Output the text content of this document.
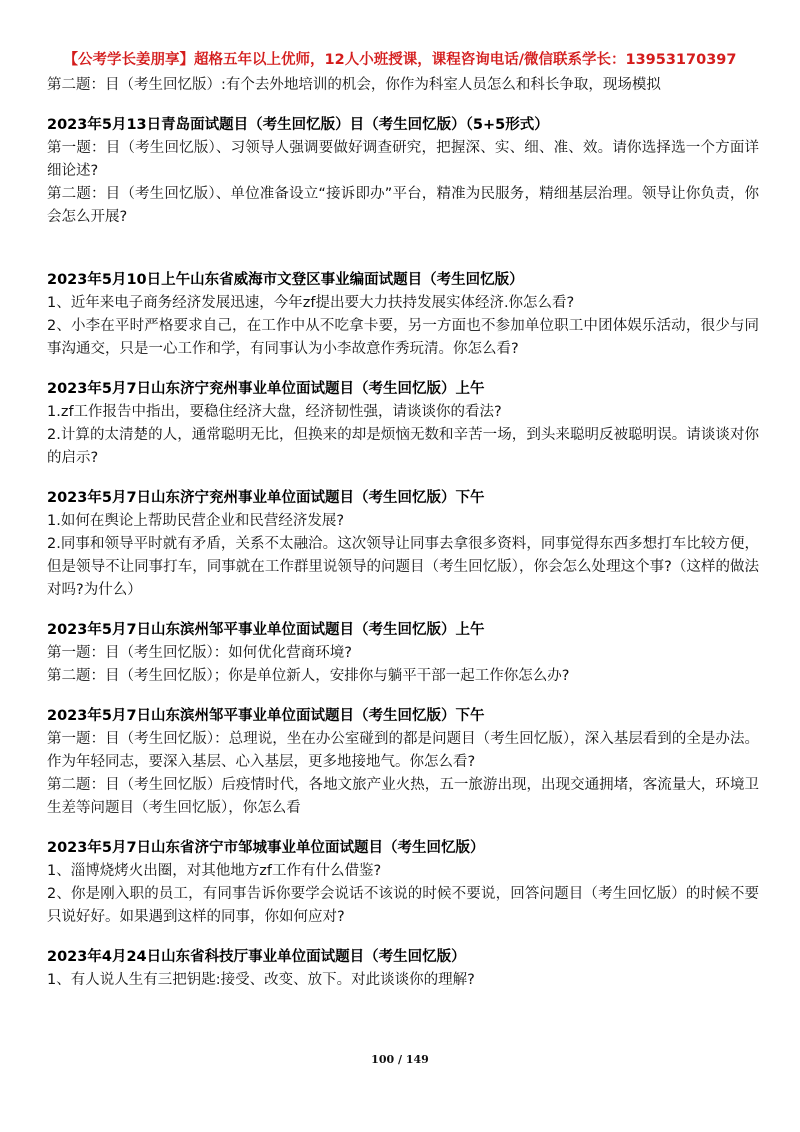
【公考学长姜朋享】超格五年以上优师，12人小班授课，课程咨询电话/微信联系学长：13953170397

第二题：目（考生回忆版）:有个去外地培训的机会，你作为科室人员怎么和科长争取，现场模拟

2023年5月13日青岛面试题目（考生回忆版）目（考生回忆版）（5+5形式）

第一题：目（考生回忆版）、习领导人强调要做好调查研究，把握深、实、细、准、效。请你选择选一个方面详细论述?

第二题：目（考生回忆版）、单位准备设立“接诉即办”平台，精准为民服务，精细基层治理。领导让你负责，你会怎么开展?

2023年5月10日上午山东省威海市文登区事业编面试题目（考生回忆版）

1、近年来电子商务经济发展迅速，今年zf提出要大力扶持发展实体经济.你怎么看?

2、小李在平时严格要求自己，在工作中从不吃拿卡要，另一方面也不参加单位职工中团体娱乐活动，很少与同事沟通交，只是一心工作和学，有同事认为小李故意作秀玩清。你怎么看?

2023年5月7日山东济宁兖州事业单位面试题目（考生回忆版）上午

1.zf工作报告中指出，要稳住经济大盘，经济韧性强，请谈谈你的看法?

2.计算的太清楚的人，通常聪明无比，但换来的却是烦恼无数和辛苦一场，到头来聪明反被聪明误。请谈谈对你的启示?

2023年5月7日山东济宁兖州事业单位面试题目（考生回忆版）下午

1.如何在舆论上帮助民营企业和民营经济发展?

2.同事和领导平时就有矛盾，关系不太融洽。这次领导让同事去拿很多资料，同事觉得东西多想打车比较方便，但是领导不让同事打车，同事就在工作群里说领导的问题目（考生回忆版），你会怎么处理这个事?（这样的做法对吗?为什么）

2023年5月7日山东滨州邹平事业单位面试题目（考生回忆版）上午

第一题：目（考生回忆版）：如何优化营商环境?

第二题：目（考生回忆版）；你是单位新人，安排你与躺平干部一起工作你怎么办?

2023年5月7日山东滨州邹平事业单位面试题目（考生回忆版）下午

第一题：目（考生回忆版）：总理说，坐在办公室碰到的都是问题目（考生回忆版），深入基层看到的全是办法。作为年轻同志，要深入基层、心入基层，更多地接地气。你怎么看?

第二题：目（考生回忆版）后疫情时代，各地文旅产业火热，五一旅游出现，出现交通拥堵，客流量大，环境卫生差等问题目（考生回忆版），你怎么看

2023年5月7日山东省济宁市邹城事业单位面试题目（考生回忆版）

1、淄博烧烤火出圈，对其他地方zf工作有什么借鉴?

2、你是刚入职的员工，有同事告诉你要学会说话不该说的时候不要说，回答问题目（考生回忆版）的时候不要只说好好。如果遇到这样的同事，你如何应对?

2023年4月24日山东省科技厅事业单位面试题目（考生回忆版）

1、有人说人生有三把钥匙:接受、改变、放下。对此谈谈你的理解?

100 / 149
